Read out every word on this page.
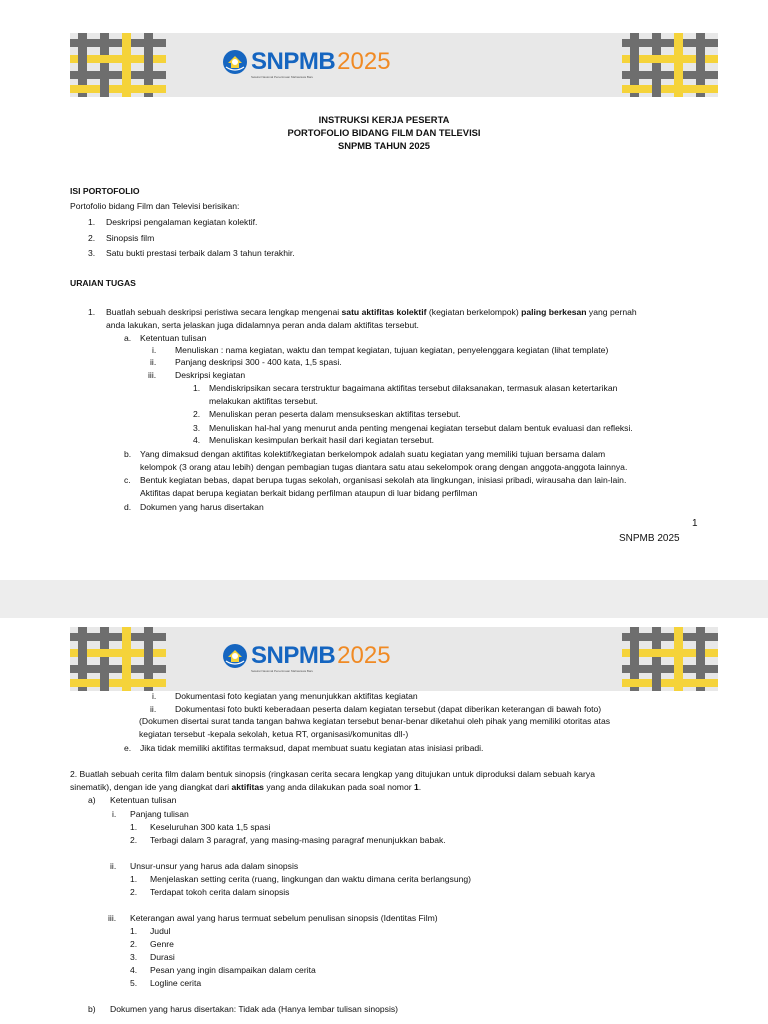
SNPMB 2025
Seleksi Nasional Penerimaan Mahasiswa Baru
INSTRUKSI KERJA PESERTA
PORTOFOLIO BIDANG FILM DAN TELEVISI
SNPMB TAHUN 2025
ISI PORTOFOLIO
Portofolio bidang Film dan Televisi berisikan:
1. Deskripsi pengalaman kegiatan kolektif.
2. Sinopsis film
3. Satu bukti prestasi terbaik dalam 3 tahun terakhir.
URAIAN TUGAS
1. Buatlah sebuah deskripsi peristiwa secara lengkap mengenai satu aktifitas kolektif (kegiatan berkelompok) paling berkesan yang pernah
anda lakukan, serta jelaskan juga didalamnya peran anda dalam aktifitas tersebut.
a. Ketentuan tulisan
i. Menuliskan : nama kegiatan, waktu dan tempat kegiatan, tujuan kegiatan, penyelenggara kegiatan (lihat template)
ii. Panjang deskripsi 300 - 400 kata, 1,5 spasi.
iii. Deskripsi kegiatan
1. Mendiskripsikan secara terstruktur bagaimana aktifitas tersebut dilaksanakan, termasuk alasan ketertarikan
melakukan aktifitas tersebut.
2. Menuliskan peran peserta dalam mensukseskan aktifitas tersebut.
3. Menuliskan hal-hal yang menurut anda penting mengenai kegiatan tersebut dalam bentuk evaluasi dan refleksi.
4. Menuliskan kesimpulan berkait hasil dari kegiatan tersebut.
b. Yang dimaksud dengan aktifitas kolektif/kegiatan berkelompok adalah suatu kegiatan yang memiliki tujuan bersama dalam
kelompok (3 orang atau lebih) dengan pembagian tugas diantara satu atau sekelompok orang dengan anggota-anggota lainnya.
c. Bentuk kegiatan bebas, dapat berupa tugas sekolah, organisasi sekolah ata lingkungan, inisiasi pribadi, wirausaha dan lain-lain.
Aktifitas dapat berupa kegiatan berkait bidang perfilman ataupun di luar bidang perfilman
d. Dokumen yang harus disertakan
1
SNPMB 2025
SNPMB 2025
Seleksi Nasional Penerimaan Mahasiswa Baru
i. Dokumentasi foto kegiatan yang menunjukkan aktifitas kegiatan
ii. Dokumentasi foto bukti keberadaan peserta dalam kegiatan tersebut (dapat diberikan keterangan di bawah foto)
(Dokumen disertai surat tanda tangan bahwa kegiatan tersebut benar-benar diketahui oleh pihak yang memiliki otoritas atas
kegiatan tersebut -kepala sekolah, ketua RT, organisasi/komunitas dll-)
e. Jika tidak memiliki aktifitas termaksud, dapat membuat suatu kegiatan atas inisiasi pribadi.
2. Buatlah sebuah cerita film dalam bentuk sinopsis (ringkasan cerita secara lengkap yang ditujukan untuk diproduksi dalam sebuah karya
sinematik), dengan ide yang diangkat dari aktifitas yang anda dilakukan pada soal nomor 1.
a) Ketentuan tulisan
i. Panjang tulisan
1. Keseluruhan 300 kata 1,5 spasi
2. Terbagi dalam 3 paragraf, yang masing-masing paragraf menunjukkan babak.
ii. Unsur-unsur yang harus ada dalam sinopsis
1. Menjelaskan setting cerita (ruang, lingkungan dan waktu dimana cerita berlangsung)
2. Terdapat tokoh cerita dalam sinopsis
iii. Keterangan awal yang harus termuat sebelum penulisan sinopsis (Identitas Film)
1. Judul
2. Genre
3. Durasi
4. Pesan yang ingin disampaikan dalam cerita
5. Logline cerita
b) Dokumen yang harus disertakan: Tidak ada (Hanya lembar tulisan sinopsis)
